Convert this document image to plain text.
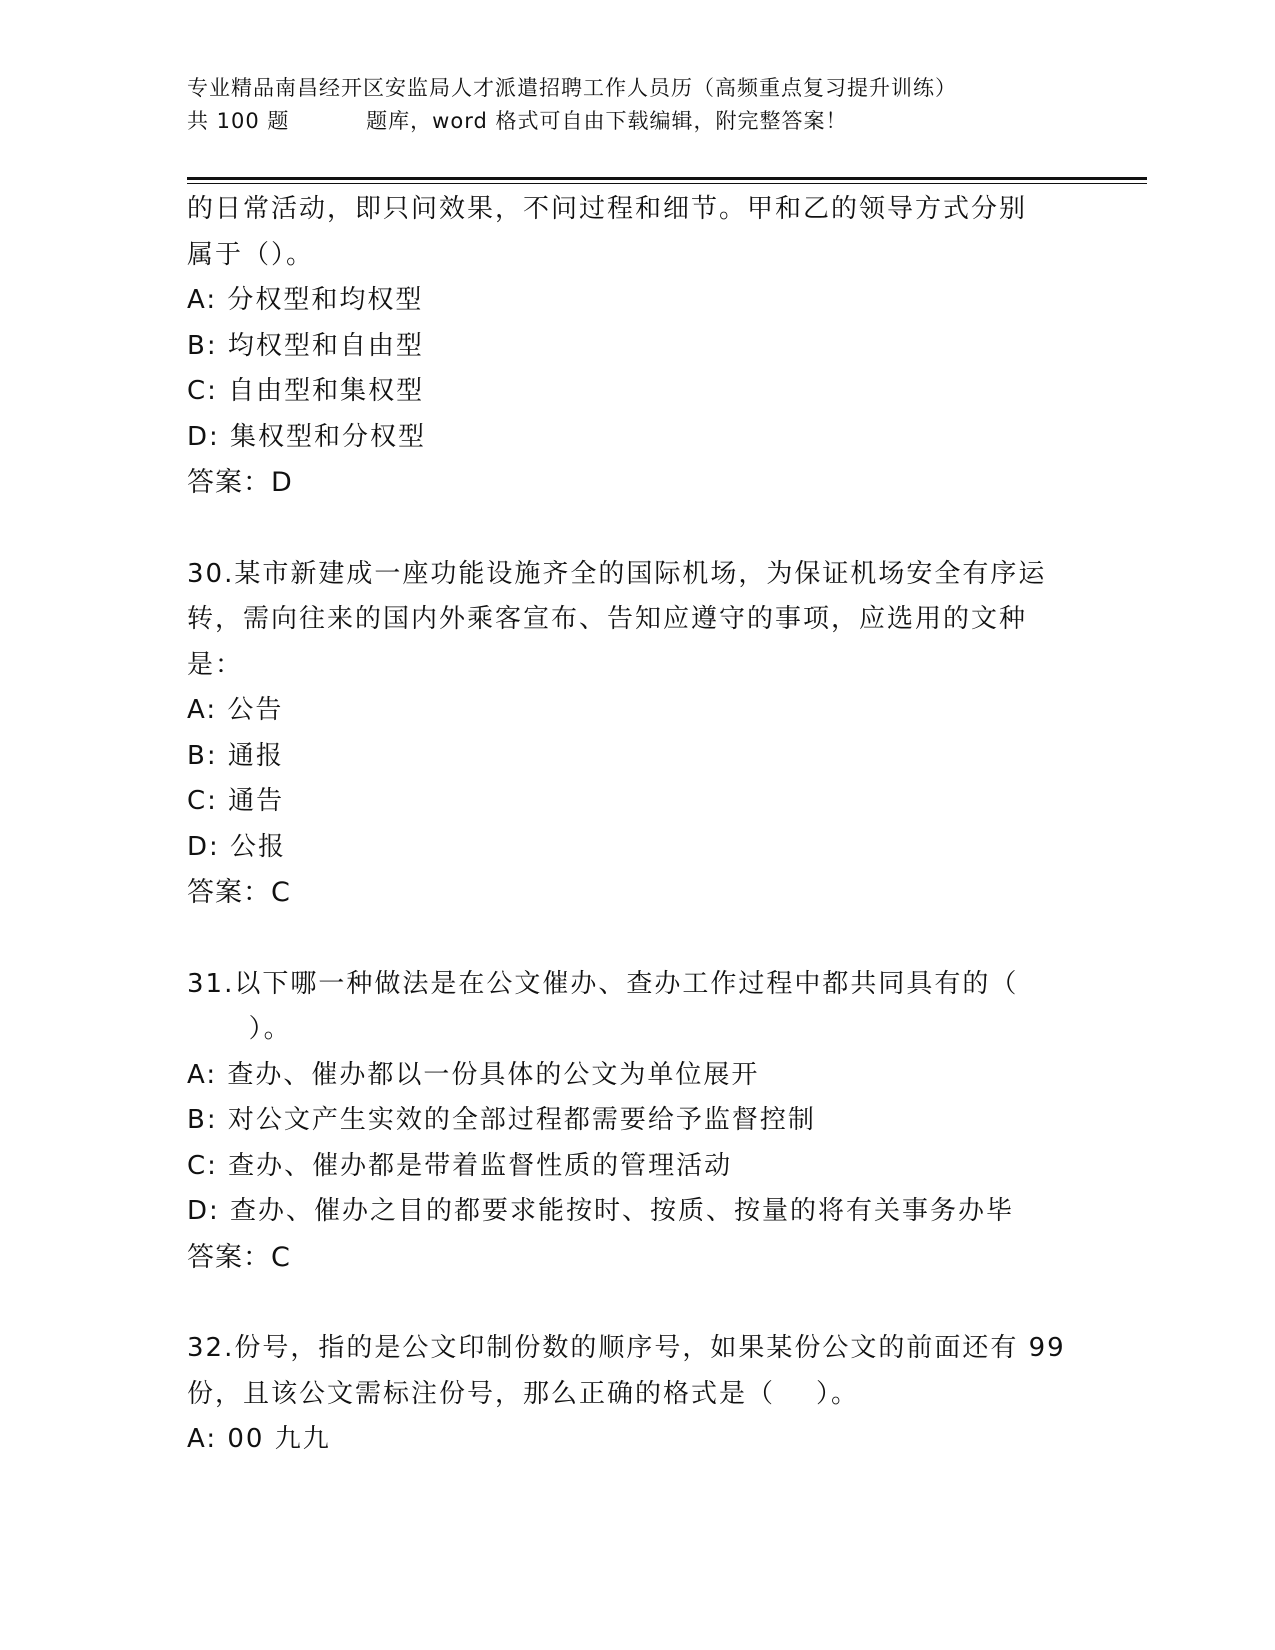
专业精品南昌经开区安监局人才派遣招聘工作人员历（高频重点复习提升训练）
共 100 题          题库，word 格式可自由下载编辑，附完整答案！
的日常活动，即只问效果，不问过程和细节。甲和乙的领导方式分别
属于（）。
A: 分权型和均权型
B: 均权型和自由型
C: 自由型和集权型
D: 集权型和分权型
答案：D
30.某市新建成一座功能设施齐全的国际机场，为保证机场安全有序运
转，需向往来的国内外乘客宣布、告知应遵守的事项，应选用的文种
是：
A: 公告
B: 通报
C: 通告
D: 公报
答案：C
31.以下哪一种做法是在公文催办、查办工作过程中都共同具有的（
）。
A: 查办、催办都以一份具体的公文为单位展开
B: 对公文产生实效的全部过程都需要给予监督控制
C: 查办、催办都是带着监督性质的管理活动
D: 查办、催办之目的都要求能按时、按质、按量的将有关事务办毕
答案：C
32.份号，指的是公文印制份数的顺序号，如果某份公文的前面还有 99
份，且该公文需标注份号，那么正确的格式是（    ）。
A: 00 九九
